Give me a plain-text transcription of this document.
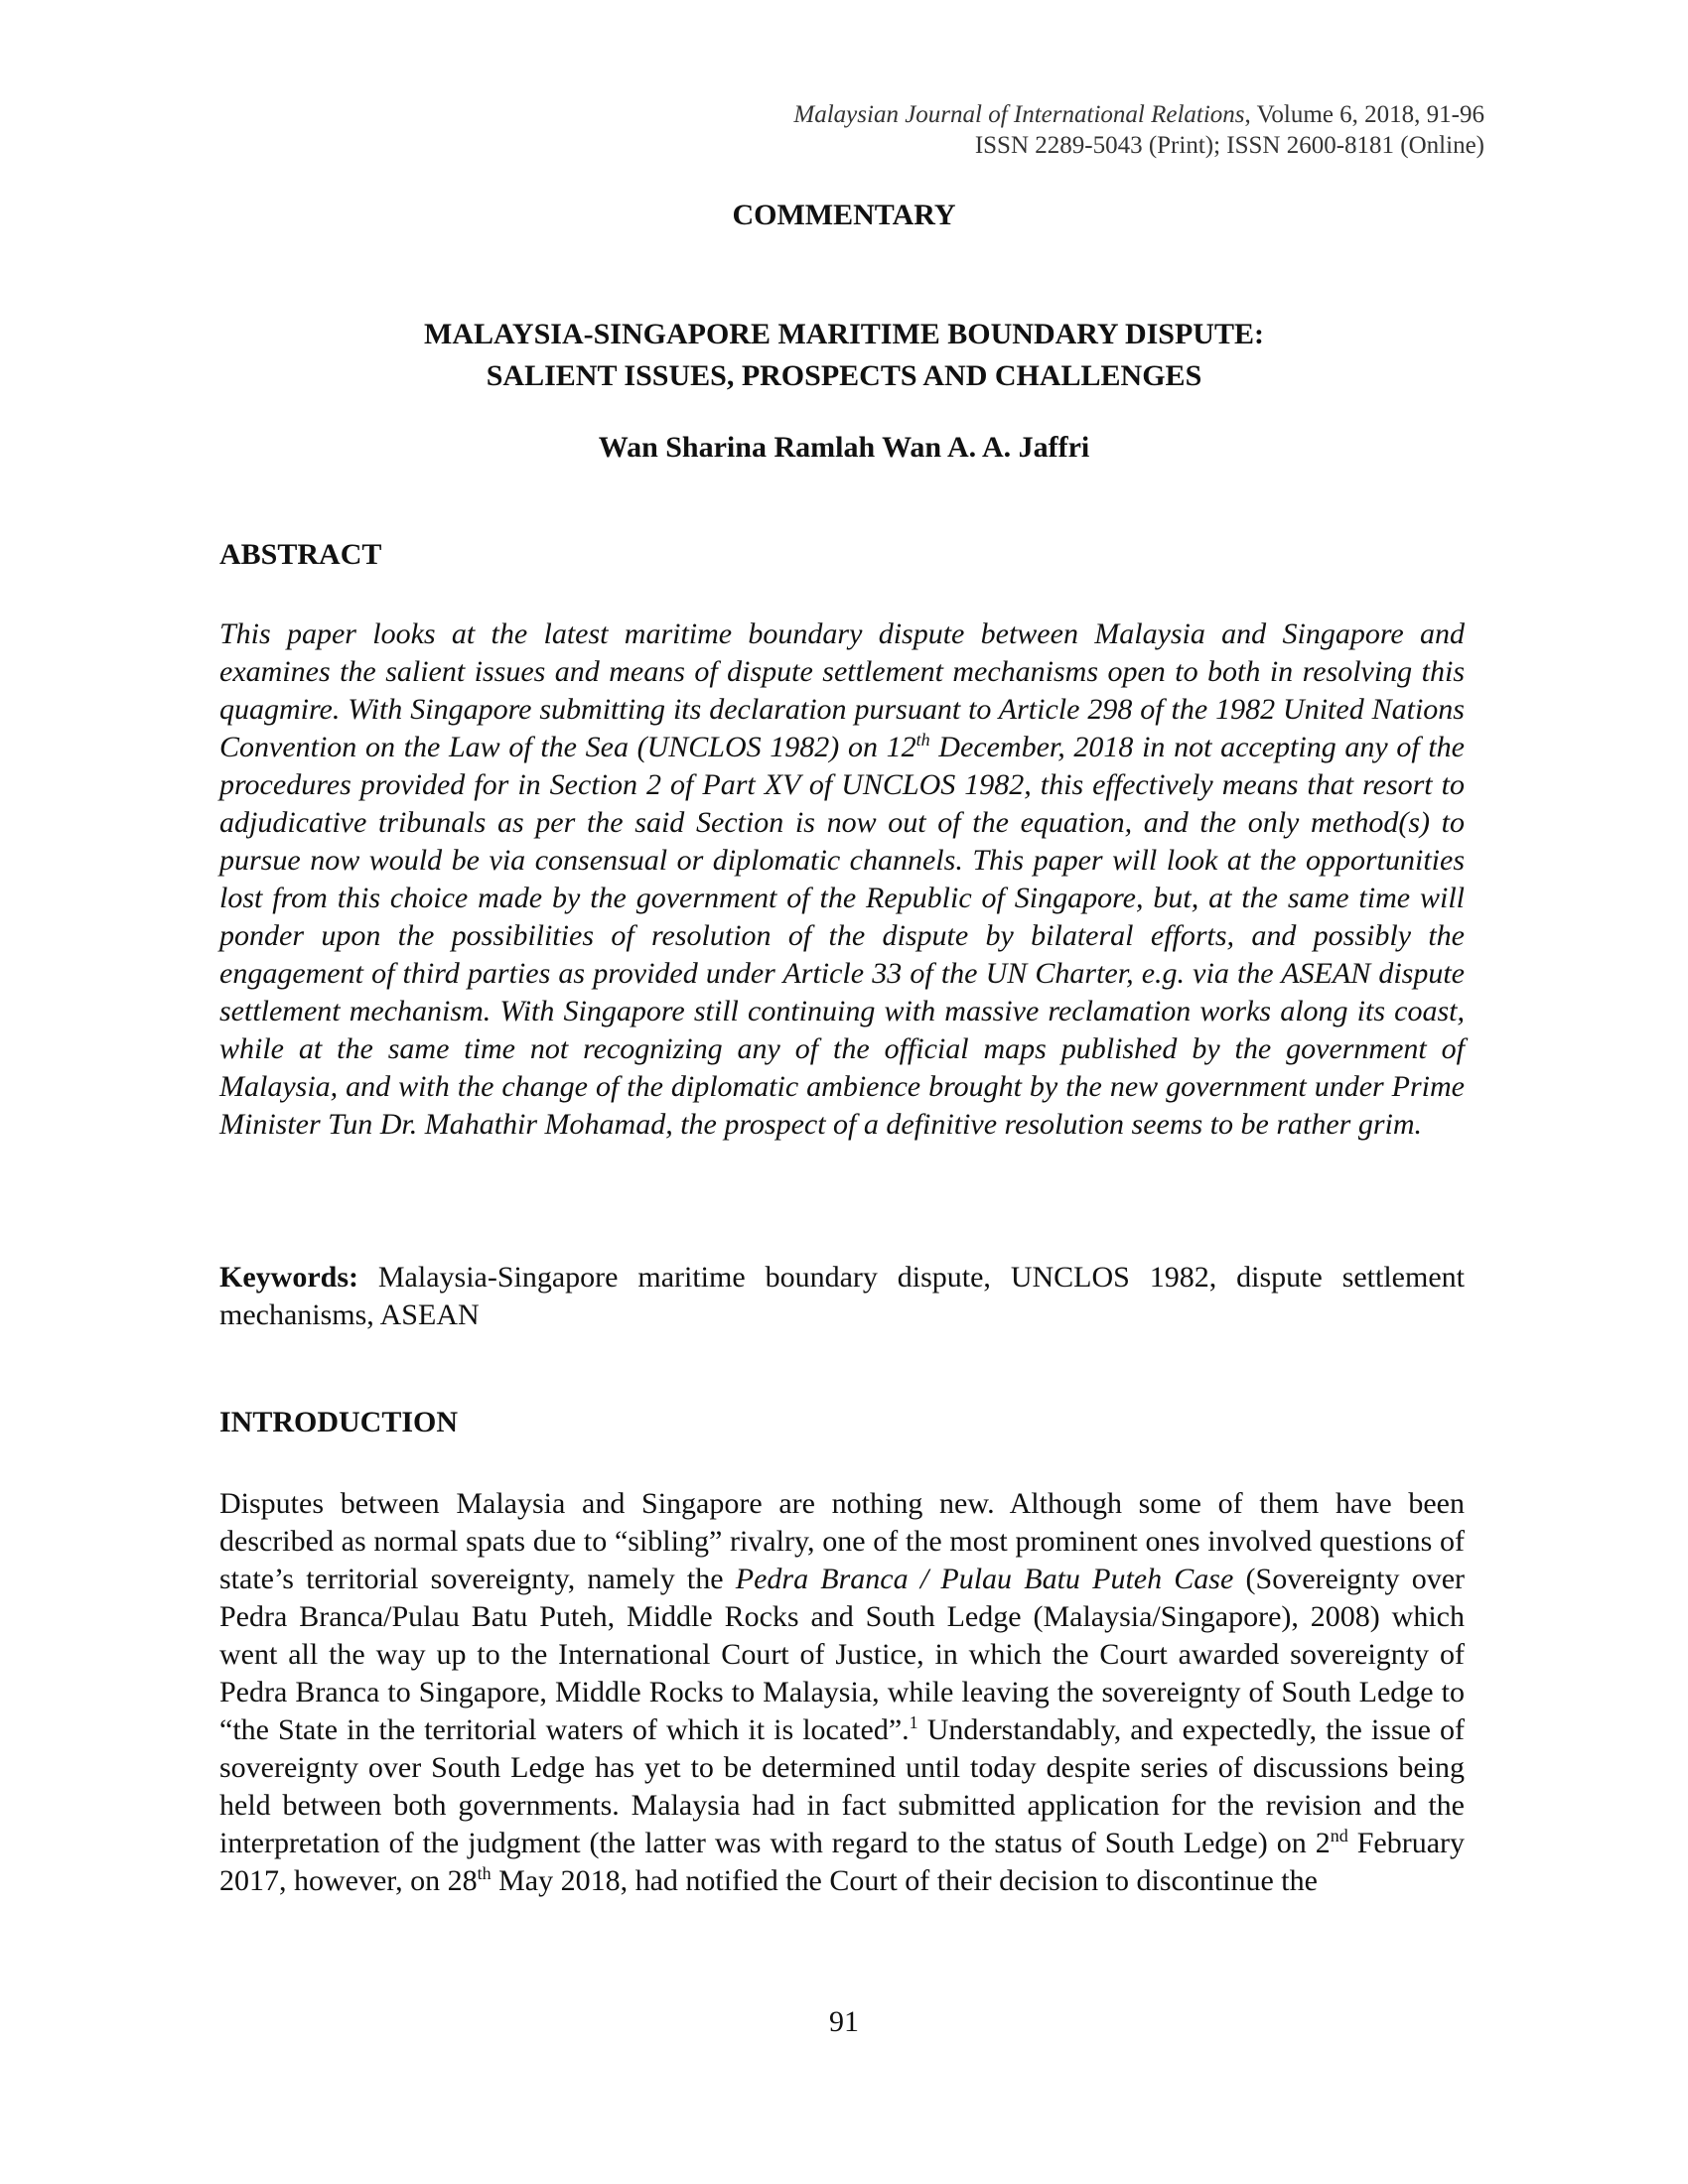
Malaysian Journal of International Relations, Volume 6, 2018, 91-96
ISSN 2289-5043 (Print); ISSN 2600-8181 (Online)
COMMENTARY
MALAYSIA-SINGAPORE MARITIME BOUNDARY DISPUTE:
SALIENT ISSUES, PROSPECTS AND CHALLENGES
Wan Sharina Ramlah Wan A. A. Jaffri
ABSTRACT

This paper looks at the latest maritime boundary dispute between Malaysia and Singapore and examines the salient issues and means of dispute settlement mechanisms open to both in resolving this quagmire. With Singapore submitting its declaration pursuant to Article 298 of the 1982 United Nations Convention on the Law of the Sea (UNCLOS 1982) on 12th December, 2018 in not accepting any of the procedures provided for in Section 2 of Part XV of UNCLOS 1982, this effectively means that resort to adjudicative tribunals as per the said Section is now out of the equation, and the only method(s) to pursue now would be via consensual or diplomatic channels. This paper will look at the opportunities lost from this choice made by the government of the Republic of Singapore, but, at the same time will ponder upon the possibilities of resolution of the dispute by bilateral efforts, and possibly the engagement of third parties as provided under Article 33 of the UN Charter, e.g. via the ASEAN dispute settlement mechanism. With Singapore still continuing with massive reclamation works along its coast, while at the same time not recognizing any of the official maps published by the government of Malaysia, and with the change of the diplomatic ambience brought by the new government under Prime Minister Tun Dr. Mahathir Mohamad, the prospect of a definitive resolution seems to be rather grim.

Keywords: Malaysia-Singapore maritime boundary dispute, UNCLOS 1982, dispute settlement mechanisms, ASEAN

INTRODUCTION

Disputes between Malaysia and Singapore are nothing new. Although some of them have been described as normal spats due to “sibling” rivalry, one of the most prominent ones involved questions of state’s territorial sovereignty, namely the Pedra Branca / Pulau Batu Puteh Case (Sovereignty over Pedra Branca/Pulau Batu Puteh, Middle Rocks and South Ledge (Malaysia/Singapore), 2008) which went all the way up to the International Court of Justice, in which the Court awarded sovereignty of Pedra Branca to Singapore, Middle Rocks to Malaysia, while leaving the sovereignty of South Ledge to “the State in the territorial waters of which it is located”.$^1$ Understandably, and expectedly, the issue of sovereignty over South Ledge has yet to be determined until today despite series of discussions being held between both governments. Malaysia had in fact submitted application for the revision and the interpretation of the judgment (the latter was with regard to the status of South Ledge) on 2nd February 2017, however, on 28th May 2018, had notified the Court of their decision to discontinue the

91
